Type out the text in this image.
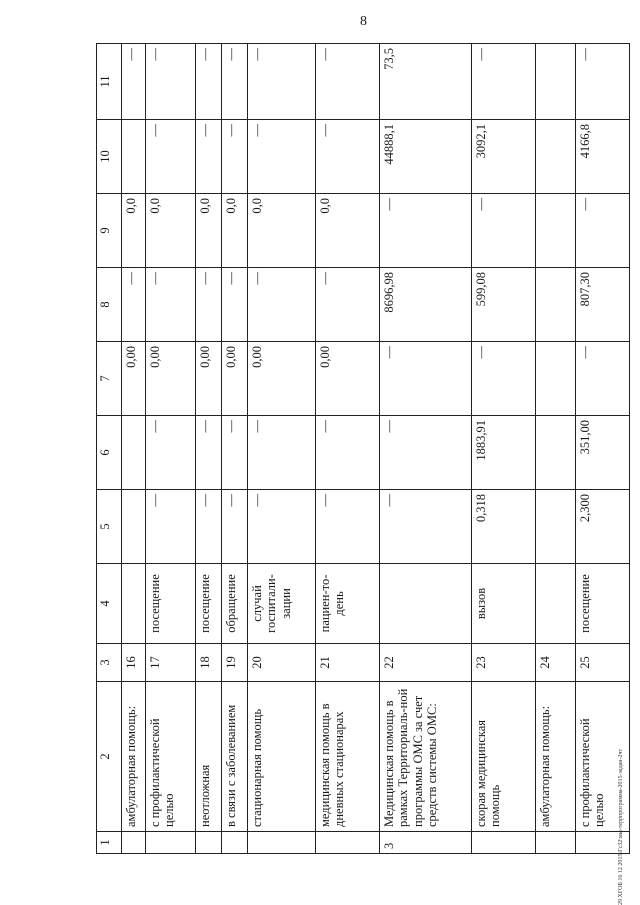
8
29 ХГОБ 16 12 2015\Гс32\мы-террпрограмма-2015-задан-2чт
1	2	3	4	5	6	7	8	9	10	11
	амбулаторная помощь:	16				0,00	—	0,0		—
	с профилактической целью	17	посещение	—	—	0,00	—	0,0	—	—
	неотложная	18	посещение	—	—	0,00	—	0,0	—	—
	в связи с заболеванием	19	обращение	—	—	0,00	—	0,0	—	—
	стационарная помощь	20	случай госпитали-зации	—	—	0,00	—	0,0	—	—
	медицинская помощь в дневных стационарах	21	пациен-то-день	—	—	0,00	—	0,0	—	—
3	Медицинская помощь в рамках Территориаль-ной программы ОМС за счет средств системы ОМС:	22		—	—	—	8696,98	—	44888,1	73,5
	скорая медицинская помощь	23	вызов	0,318	1883,91	—	599,08	—	3092,1	—
	амбулаторная помощь:	24								
	с профилактической целью	25	посещение	2,300	351,00	—	807,30	—	4166,8	—
